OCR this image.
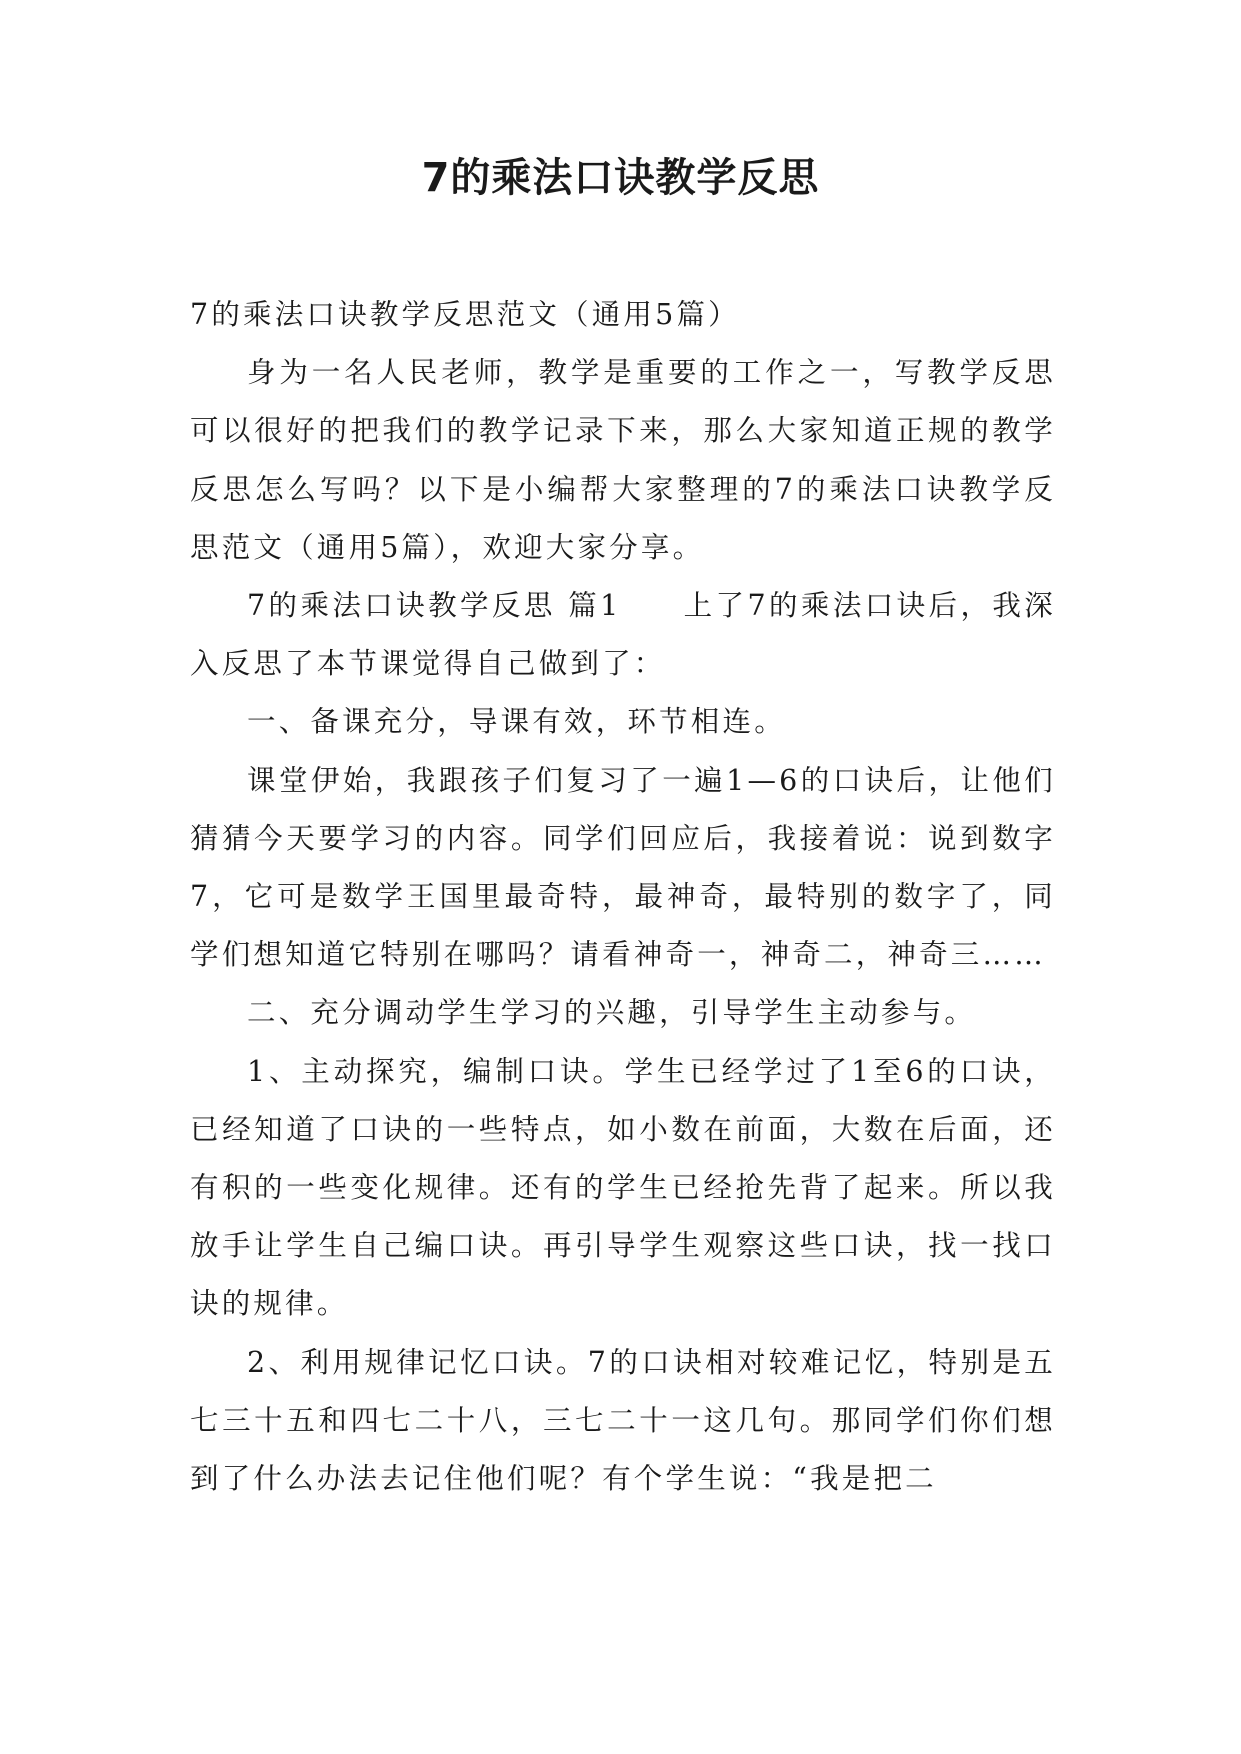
7的乘法口诀教学反思

7的乘法口诀教学反思范文（通用5篇）

身为一名人民老师，教学是重要的工作之一，写教学反思可以很好的把我们的教学记录下来，那么大家知道正规的教学反思怎么写吗？以下是小编帮大家整理的7的乘法口诀教学反思范文（通用5篇），欢迎大家分享。

7的乘法口诀教学反思 篇1 上了7的乘法口诀后，我深入反思了本节课觉得自己做到了：

一、备课充分，导课有效，环节相连。

课堂伊始，我跟孩子们复习了一遍1—6的口诀后，让他们猜猜今天要学习的内容。同学们回应后，我接着说：说到数字7，它可是数学王国里最奇特，最神奇，最特别的数字了，同学们想知道它特别在哪吗？请看神奇一，神奇二，神奇三……

二、充分调动学生学习的兴趣，引导学生主动参与。

1、主动探究，编制口诀。学生已经学过了1至6的口诀，已经知道了口诀的一些特点，如小数在前面，大数在后面，还有积的一些变化规律。还有的学生已经抢先背了起来。所以我放手让学生自己编口诀。再引导学生观察这些口诀，找一找口诀的规律。

2、利用规律记忆口诀。7的口诀相对较难记忆，特别是五七三十五和四七二十八，三七二十一这几句。那同学们你们想到了什么办法去记住他们呢？有个学生说：“我是把二
